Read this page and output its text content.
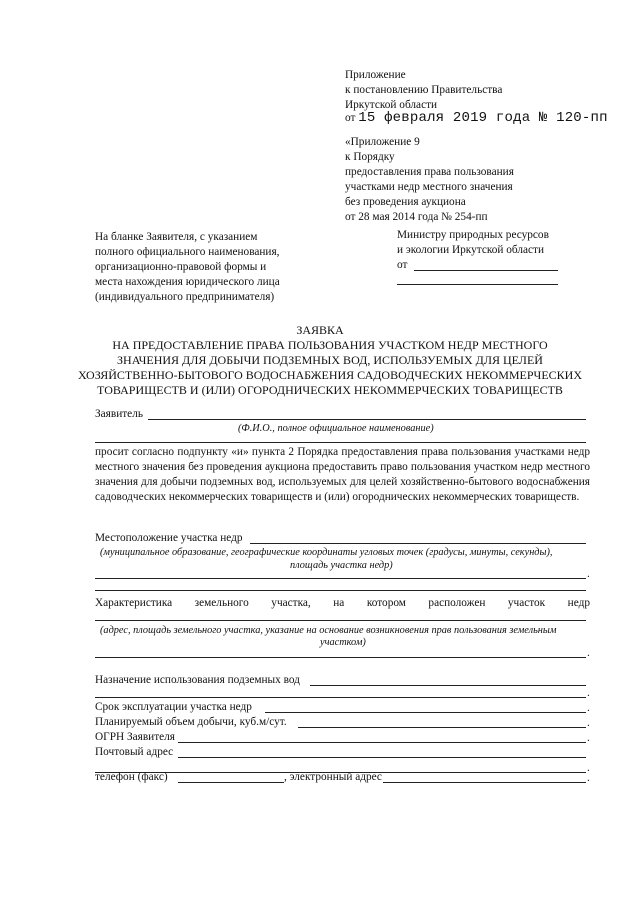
Приложение
к постановлению Правительства
Иркутской области
от 15 февраля 2019 года № 120-пп
«Приложение 9
к Порядку
предоставления права пользования
участками недр местного значения
без проведения аукциона
от 28 мая 2014 года № 254-пп
На бланке Заявителя, с указанием
полного официального наименования,
организационно-правовой формы и
места нахождения юридического лица
(индивидуального предпринимателя)
Министру природных ресурсов
и экологии Иркутской области
от
ЗАЯВКА
НА ПРЕДОСТАВЛЕНИЕ ПРАВА ПОЛЬЗОВАНИЯ УЧАСТКОМ НЕДР МЕСТНОГО
ЗНАЧЕНИЯ ДЛЯ ДОБЫЧИ ПОДЗЕМНЫХ ВОД, ИСПОЛЬЗУЕМЫХ ДЛЯ ЦЕЛЕЙ
ХОЗЯЙСТВЕННО-БЫТОВОГО ВОДОСНАБЖЕНИЯ САДОВОДЧЕСКИХ НЕКОММЕРЧЕСКИХ
ТОВАРИЩЕСТВ И (ИЛИ) ОГОРОДНИЧЕСКИХ НЕКОММЕРЧЕСКИХ ТОВАРИЩЕСТВ
Заявитель
(Ф.И.О., полное официальное наименование)
просит согласно подпункту «и» пункта 2 Порядка предоставления права пользования участками недр местного значения без проведения аукциона предоставить право пользования участком недр местного значения для добычи подземных вод, используемых для целей хозяйственно-бытового водоснабжения садоводческих некоммерческих товариществ и (или) огороднических некоммерческих товариществ.
Местоположение участка недр
(муниципальное образование, географические координаты угловых точек (градусы, минуты, секунды),
площадь участка недр)
.
Характеристика земельного участка, на котором расположен участок недр
(адрес, площадь земельного участка, указание на основание возникновения прав пользования земельным
участком)
.
Назначение использования подземных вод
.
Срок эксплуатации участка недр	.
Планируемый объем добычи, куб.м/сут.	.
ОГРН Заявителя	.
Почтовый адрес
.
телефон (факс)	, электронный адрес	.
